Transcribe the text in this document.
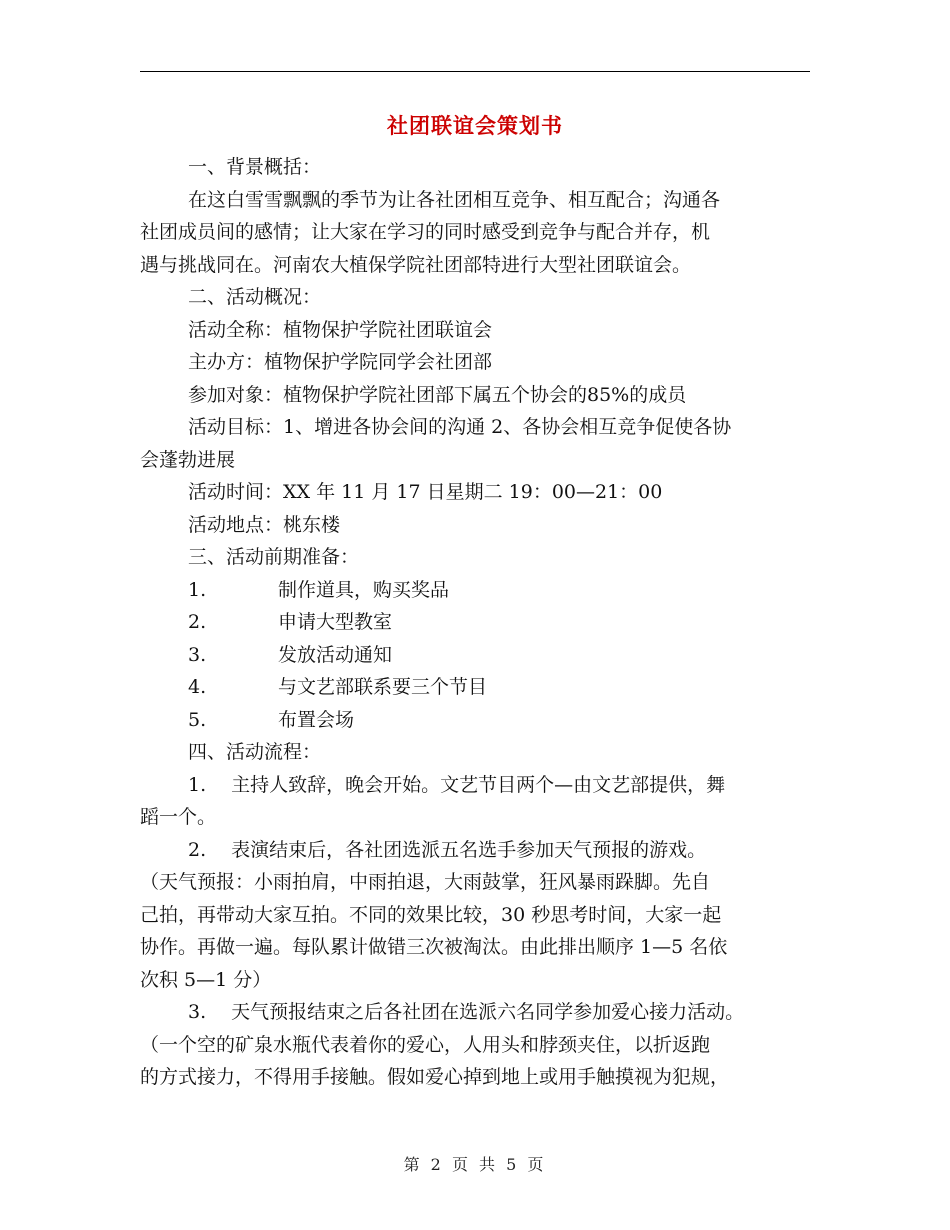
社团联谊会策划书
一、背景概括：
在这白雪雪飘飘的季节为让各社团相互竞争、相互配合；沟通各
社团成员间的感情；让大家在学习的同时感受到竞争与配合并存，机
遇与挑战同在。河南农大植保学院社团部特进行大型社团联谊会。
二、活动概况：
活动全称：植物保护学院社团联谊会
主办方：植物保护学院同学会社团部
参加对象：植物保护学院社团部下属五个协会的85%的成员
活动目标：1、增进各协会间的沟通 2、各协会相互竞争促使各协
会蓬勃进展
活动时间：XX 年 11 月 17 日星期二 19：00—21：00
活动地点：桃东楼
三、活动前期准备：
1.	制作道具，购买奖品
2.	申请大型教室
3.	发放活动通知
4.	与文艺部联系要三个节目
5.	布置会场
四、活动流程：
1.　 主持人致辞，晚会开始。文艺节目两个—由文艺部提供，舞
蹈一个。
2.　 表演结束后，各社团选派五名选手参加天气预报的游戏。
（天气预报：小雨拍肩，中雨拍退，大雨鼓掌，狂风暴雨跺脚。先自
己拍，再带动大家互拍。不同的效果比较，30 秒思考时间，大家一起
协作。再做一遍。每队累计做错三次被淘汰。由此排出顺序 1—5 名依
次积 5—1 分）
3.　 天气预报结束之后各社团在选派六名同学参加爱心接力活动。
（一个空的矿泉水瓶代表着你的爱心，人用头和脖颈夹住，以折返跑
的方式接力，不得用手接触。假如爱心掉到地上或用手触摸视为犯规，
第 2 页 共 5 页
